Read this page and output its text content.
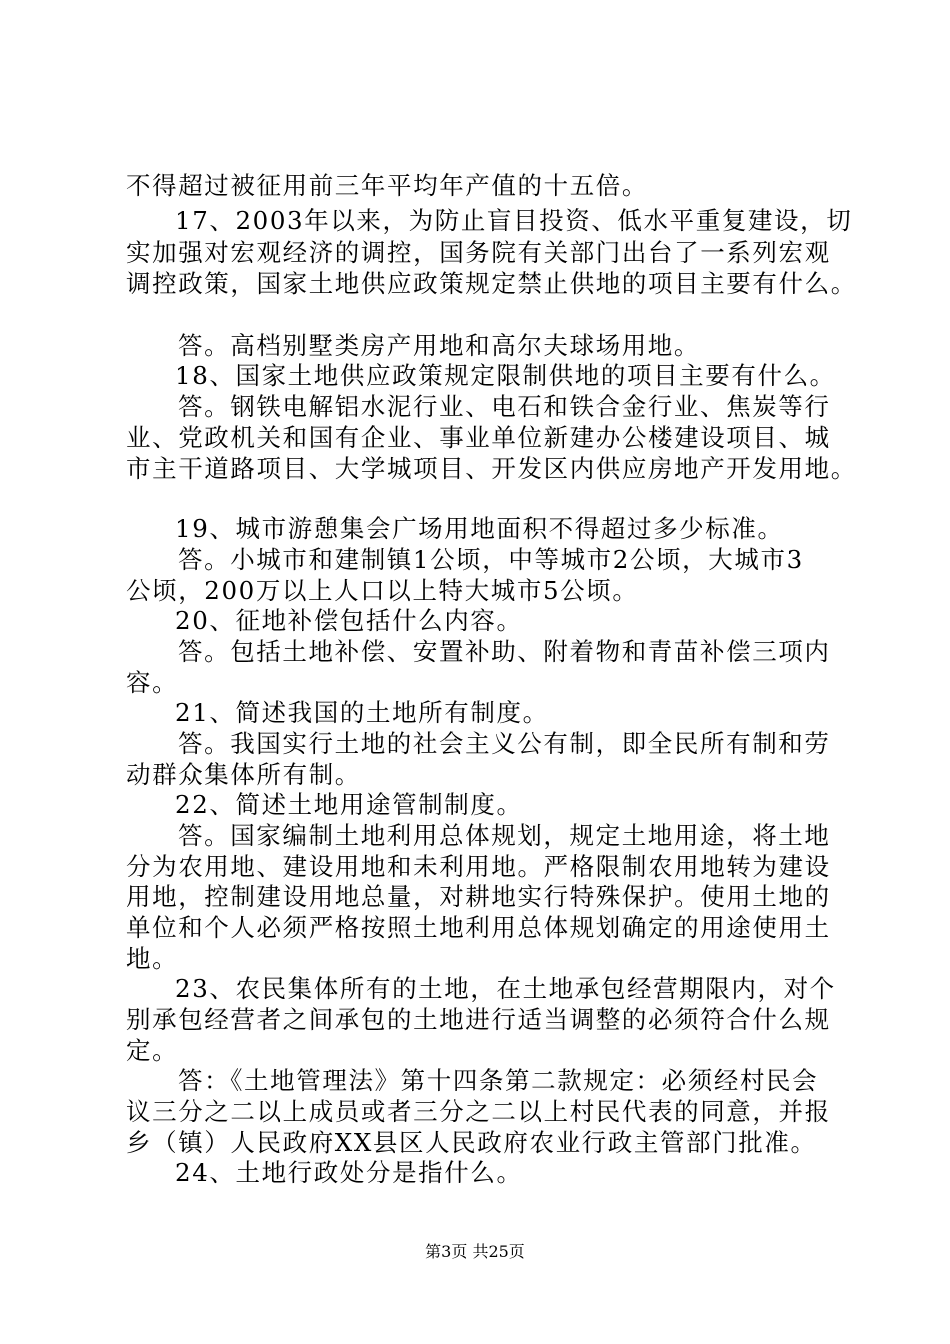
不得超过被征用前三年平均年产值的十五倍。
17、2003年以来，为防止盲目投资、低水平重复建设，切
实加强对宏观经济的调控，国务院有关部门出台了一系列宏观
调控政策，国家土地供应政策规定禁止供地的项目主要有什么。
答。高档别墅类房产用地和高尔夫球场用地。
18、国家土地供应政策规定限制供地的项目主要有什么。
答。钢铁电解铝水泥行业、电石和铁合金行业、焦炭等行
业、党政机关和国有企业、事业单位新建办公楼建设项目、城
市主干道路项目、大学城项目、开发区内供应房地产开发用地。
19、城市游憩集会广场用地面积不得超过多少标准。
答。小城市和建制镇1公顷，中等城市2公顷，大城市3
公顷，200万以上人口以上特大城市5公顷。
20、征地补偿包括什么内容。
答。包括土地补偿、安置补助、附着物和青苗补偿三项内
容。
21、简述我国的土地所有制度。
答。我国实行土地的社会主义公有制，即全民所有制和劳
动群众集体所有制。
22、简述土地用途管制制度。
答。国家编制土地利用总体规划，规定土地用途，将土地
分为农用地、建设用地和未利用地。严格限制农用地转为建设
用地，控制建设用地总量，对耕地实行特殊保护。使用土地的
单位和个人必须严格按照土地利用总体规划确定的用途使用土
地。
23、农民集体所有的土地，在土地承包经营期限内，对个
别承包经营者之间承包的土地进行适当调整的必须符合什么规
定。
答：《土地管理法》第十四条第二款规定：必须经村民会
议三分之二以上成员或者三分之二以上村民代表的同意，并报
乡（镇）人民政府XX县区人民政府农业行政主管部门批准。
24、土地行政处分是指什么。
第3页 共25页
